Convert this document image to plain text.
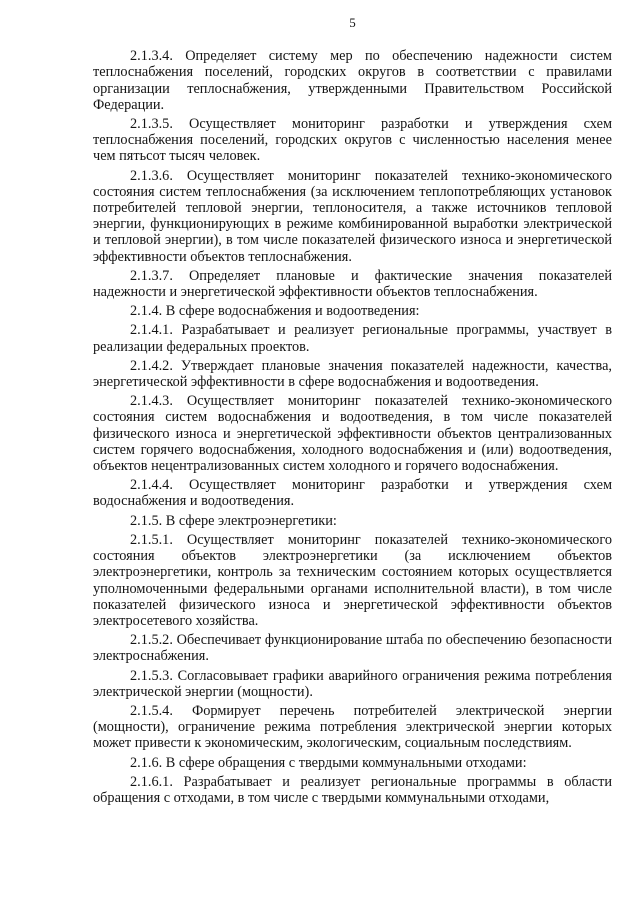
5

2.1.3.4. Определяет систему мер по обеспечению надежности систем теплоснабжения поселений, городских округов в соответствии с правилами организации теплоснабжения, утвержденными Правительством Российской Федерации.

2.1.3.5. Осуществляет мониторинг разработки и утверждения схем теплоснабжения поселений, городских округов с численностью населения менее чем пятьсот тысяч человек.

2.1.3.6. Осуществляет мониторинг показателей технико-экономического состояния систем теплоснабжения (за исключением теплопотребляющих установок потребителей тепловой энергии, теплоносителя, а также источников тепловой энергии, функционирующих в режиме комбинированной выработки электрической и тепловой энергии), в том числе показателей физического износа и энергетической эффективности объектов теплоснабжения.

2.1.3.7. Определяет плановые и фактические значения показателей надежности и энергетической эффективности объектов теплоснабжения.

2.1.4. В сфере водоснабжения и водоотведения:

2.1.4.1. Разрабатывает и реализует региональные программы, участвует в реализации федеральных проектов.

2.1.4.2. Утверждает плановые значения показателей надежности, качества, энергетической эффективности в сфере водоснабжения и водоотведения.

2.1.4.3. Осуществляет мониторинг показателей технико-экономического состояния систем водоснабжения и водоотведения, в том числе показателей физического износа и энергетической эффективности объектов централизованных систем горячего водоснабжения, холодного водоснабжения и (или) водоотведения, объектов нецентрализованных систем холодного и горячего водоснабжения.

2.1.4.4. Осуществляет мониторинг разработки и утверждения схем водоснабжения и водоотведения.

2.1.5. В сфере электроэнергетики:

2.1.5.1. Осуществляет мониторинг показателей технико-экономического состояния объектов электроэнергетики (за исключением объектов электроэнергетики, контроль за техническим состоянием которых осуществляется уполномоченными федеральными органами исполнительной власти), в том числе показателей физического износа и энергетической эффективности объектов электросетевого хозяйства.

2.1.5.2. Обеспечивает функционирование штаба по обеспечению безопасности электроснабжения.

2.1.5.3. Согласовывает графики аварийного ограничения режима потребления электрической энергии (мощности).

2.1.5.4. Формирует перечень потребителей электрической энергии (мощности), ограничение режима потребления электрической энергии которых может привести к экономическим, экологическим, социальным последствиям.

2.1.6. В сфере обращения с твердыми коммунальными отходами:

2.1.6.1. Разрабатывает и реализует региональные программы в области обращения с отходами, в том числе с твердыми коммунальными отходами,
